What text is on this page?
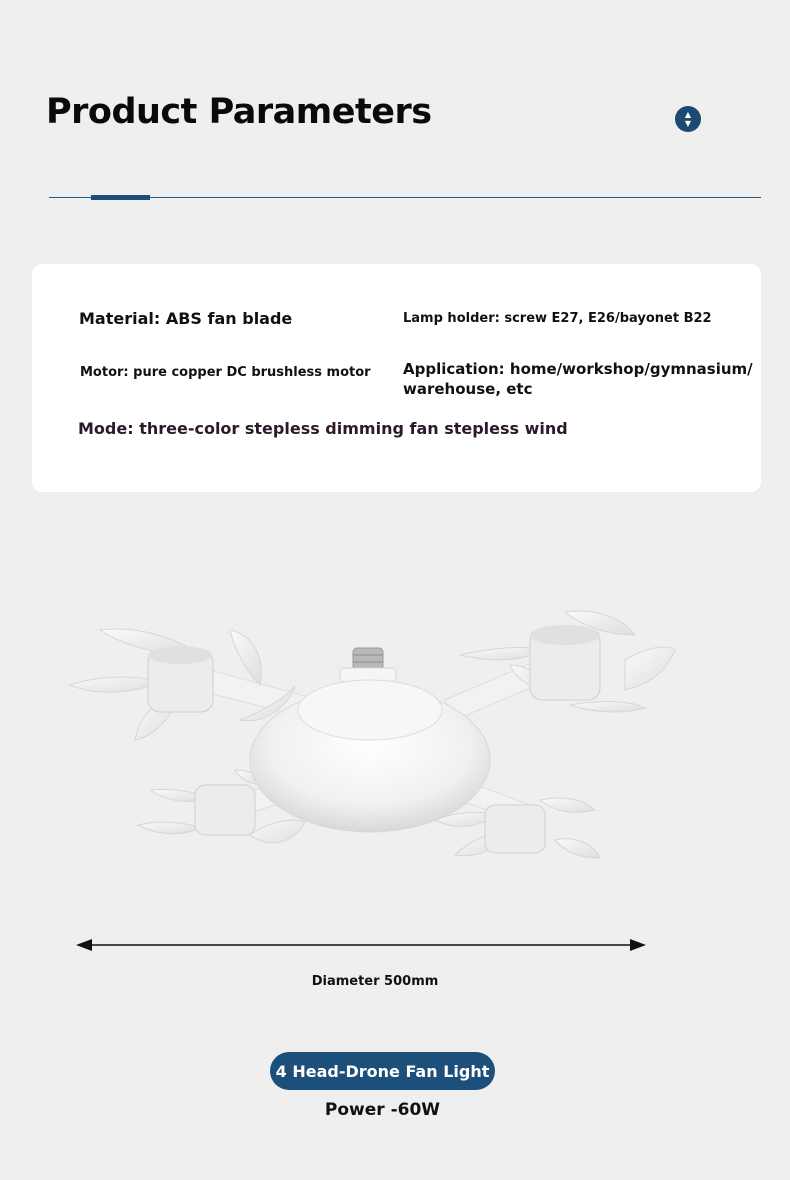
Product Parameters	▲
▼
Material: ABS fan blade	Lamp holder: screw E27, E26/bayonet B22
Motor: pure copper DC brushless motor Application: home/workshop/gymnasium/
warehouse, etc
Mode: three-color stepless dimming fan stepless wind
Diameter 500mm
4 Head-Drone Fan Light
Power -60W
